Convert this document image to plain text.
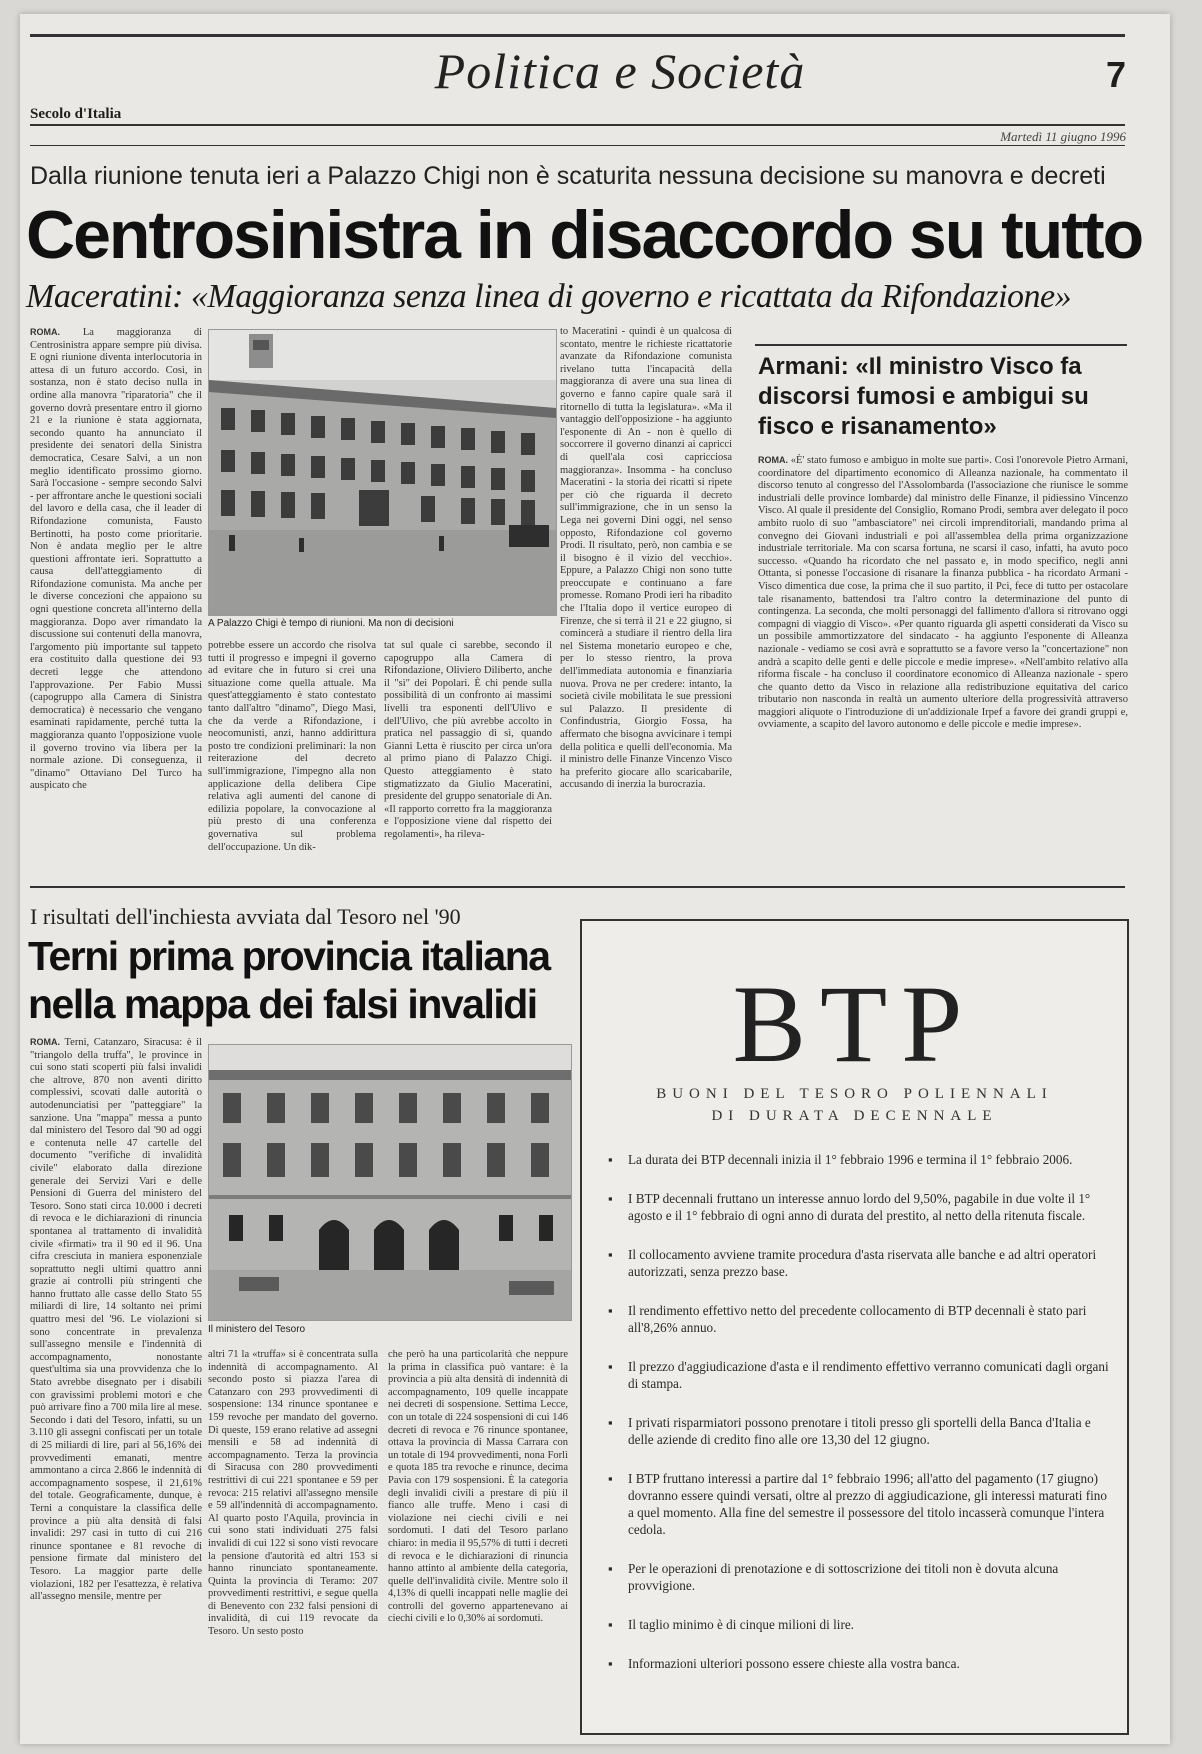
Politica e Società	7
Secolo d'Italia
Martedì 11 giugno 1996
Dalla riunione tenuta ieri a Palazzo Chigi non è scaturita nessuna decisione su manovra e decreti
Centrosinistra in disaccordo su tutto
Maceratini: «Maggioranza senza linea di governo e ricattata da Rifondazione»
ROMA. La maggioranza di Centrosinistra appare sempre più divisa. E ogni riunione diventa interlocutoria in attesa di un futuro accordo. Così, in sostanza, non è stato deciso nulla in ordine alla manovra "riparatoria" che il governo dovrà presentare entro il giorno 21 e la riunione è stata aggiornata, secondo quanto ha annunciato il presidente dei senatori della Sinistra democratica, Cesare Salvi, a un non meglio identificato prossimo giorno. Sarà l'occasione - sempre secondo Salvi - per affrontare anche le questioni sociali del lavoro e della casa, che il leader di Rifondazione comunista, Fausto Bertinotti, ha posto come prioritarie. Non è andata meglio per le altre questioni affrontate ieri. Soprattutto a causa dell'atteggiamento di Rifondazione comunista. Ma anche per le diverse concezioni che appaiono su ogni questione concreta all'interno della maggioranza. Dopo aver rimandato la discussione sui contenuti della manovra, l'argomento più importante sul tappeto era costituito dalla questione dei 93 decreti legge che attendono l'approvazione. Per Fabio Mussi (capogruppo alla Camera di Sinistra democratica) è necessario che vengano esaminati rapidamente, perché tutta la maggioranza quanto l'opposizione vuole il governo trovino via libera per la normale azione. Di conseguenza, il "dinamo" Ottaviano Del Turco ha auspicato che
A Palazzo Chigi è tempo di riunioni. Ma non di decisioni
potrebbe essere un accordo che risolva tutti il progresso e impegni il governo ad evitare che in futuro si crei una situazione come quella attuale. Ma quest'atteggiamento è stato contestato tanto dall'altro "dinamo", Diego Masi, che da verde a Rifondazione, i neocomunisti, anzi, hanno addirittura posto tre condizioni preliminari: la non reiterazione del decreto sull'immigrazione, l'impegno alla non applicazione della delibera Cipe relativa agli aumenti del canone di edilizia popolare, la convocazione al più presto di una conferenza governativa sul problema dell'occupazione. Un dik-
tat sul quale ci sarebbe, secondo il capogruppo alla Camera di Rifondazione, Oliviero Diliberto, anche il "sì" dei Popolari. È chi pende sulla possibilità di un confronto ai massimi livelli tra esponenti dell'Ulivo e dell'Ulivo, che più avrebbe accolto in pratica nel passaggio di sì, quando Gianni Letta è riuscito per circa un'ora al primo piano di Palazzo Chigi. Questo atteggiamento è stato stigmatizzato da Giulio Maceratini, presidente del gruppo senatoriale di An. «Il rapporto corretto fra la maggioranza e l'opposizione viene dal rispetto dei regolamenti», ha rileva-
to Maceratini - quindi è un qualcosa di scontato, mentre le richieste ricattatorie avanzate da Rifondazione comunista rivelano tutta l'incapacità della maggioranza di avere una sua linea di governo e fanno capire quale sarà il ritornello di tutta la legislatura». «Ma il vantaggio dell'opposizione - ha aggiunto l'esponente di An - non è quello di soccorrere il governo dinanzi ai capricci di quell'ala così capricciosa maggioranza». Insomma - ha concluso Maceratini - la storia dei ricatti si ripete per ciò che riguarda il decreto sull'immigrazione, che in un senso la Lega nei governi Dini oggi, nel senso opposto, Rifondazione col governo Prodi. Il risultato, però, non cambia e se il bisogno è il vizio del vecchio». Eppure, a Palazzo Chigi non sono tutte preoccupate e continuano a fare promesse. Romano Prodi ieri ha ribadito che l'Italia dopo il vertice europeo di Firenze, che si terrà il 21 e 22 giugno, si comincerà a studiare il rientro della lira nel Sistema monetario europeo e che, per lo stesso rientro, la prova dell'immediata autonomia e finanziaria nuova. Prova ne per credere: intanto, la società civile mobilitata le sue pressioni sul Palazzo. Il presidente di Confindustria, Giorgio Fossa, ha affermato che bisogna avvicinare i tempi della politica e quelli dell'economia. Ma il ministro delle Finanze Vincenzo Visco ha preferito giocare allo scaricabarile, accusando di inerzia la burocrazia.
Armani: «Il ministro Visco fa discorsi fumosi e ambigui su fisco e risanamento»
ROMA. «È' stato fumoso e ambiguo in molte sue parti». Così l'onorevole Pietro Armani, coordinatore del dipartimento economico di Alleanza nazionale, ha commentato il discorso tenuto al congresso del l'Assolombarda (l'associazione che riunisce le somme industriali delle province lombarde) dal ministro delle Finanze, il pidiessino Vincenzo Visco. Al quale il presidente del Consiglio, Romano Prodi, sembra aver delegato il poco ambito ruolo di suo "ambasciatore" nei circoli imprenditoriali, mandando prima al convegno dei Giovani industriali e poi all'assemblea della prima organizzazione industriale territoriale. Ma con scarsa fortuna, ne scarsi il caso, infatti, ha avuto poco successo. «Quando ha ricordato che nel passato e, in modo specifico, negli anni Ottanta, si ponesse l'occasione di risanare la finanza pubblica - ha ricordato Armani - Visco dimentica due cose, la prima che il suo partito, il Pci, fece di tutto per ostacolare tale risanamento, battendosi tra l'altro contro la determinazione del punto di contingenza. La seconda, che molti personaggi del fallimento d'allora si ritrovano oggi compagni di viaggio di Visco». «Per quanto riguarda gli aspetti considerati da Visco su un possibile ammortizzatore del sindacato - ha aggiunto l'esponente di Alleanza nazionale - vediamo se così avrà e soprattutto se a favore verso la "concertazione" non andrà a scapito delle genti e delle piccole e medie imprese». «Nell'ambito relativo alla riforma fiscale - ha concluso il coordinatore economico di Alleanza nazionale - spero che quanto detto da Visco in relazione alla redistribuzione equitativa del carico tributario non nasconda in realtà un aumento ulteriore della progressività attraverso maggiori aliquote o l'introduzione di un'addizionale Irpef a favore dei grandi gruppi e, ovviamente, a scapito del lavoro autonomo e delle piccole e medie imprese».
I risultati dell'inchiesta avviata dal Tesoro nel '90
Terni prima provincia italiana nella mappa dei falsi invalidi
ROMA. Terni, Catanzaro, Siracusa: è il "triangolo della truffa", le province in cui sono stati scoperti più falsi invalidi che altrove, 870 non aventi diritto complessivi, scovati dalle autorità o autodenunciatisi per "patteggiare" la sanzione. Una "mappa" messa a punto dal ministero del Tesoro dal '90 ad oggi e contenuta nelle 47 cartelle del documento "verifiche di invalidità civile" elaborato dalla direzione generale dei Servizi Vari e delle Pensioni di Guerra del ministero del Tesoro. Sono stati circa 10.000 i decreti di revoca e le dichiarazioni di rinuncia spontanea al trattamento di invalidità civile «firmati» tra il 90 ed il 96. Una cifra cresciuta in maniera esponenziale soprattutto negli ultimi quattro anni grazie ai controlli più stringenti che hanno fruttato alle casse dello Stato 55 miliardi di lire, 14 soltanto nei primi quattro mesi del '96. Le violazioni si sono concentrate in prevalenza sull'assegno mensile e l'indennità di accompagnamento, nonostante quest'ultima sia una provvidenza che lo Stato avrebbe disegnato per i disabili con gravissimi problemi motori e che può arrivare fino a 700 mila lire al mese. Secondo i dati del Tesoro, infatti, su un 3.110 gli assegni confiscati per un totale di 25 miliardi di lire, pari al 56,16% dei provvedimenti emanati, mentre ammontano a circa 2.866 le indennità di accompagnamento sospese, il 21,61% del totale. Geograficamente, dunque, è Terni a conquistare la classifica delle province a più alta densità di falsi invalidi: 297 casi in tutto di cui 216 rinunce spontanee e 81 revoche di pensione firmate dal ministero del Tesoro. La maggior parte delle violazioni, 182 per l'esattezza, è relativa all'assegno mensile, mentre per
Il ministero del Tesoro
altri 71 la «truffa» si è concentrata sulla indennità di accompagnamento. Al secondo posto si piazza l'area di Catanzaro con 293 provvedimenti di sospensione: 134 rinunce spontanee e 159 revoche per mandato del governo. Di queste, 159 erano relative ad assegni mensili e 58 ad indennità di accompagnamento. Terza la provincia di Siracusa con 280 provvedimenti restrittivi di cui 221 spontanee e 59 per revoca: 215 relativi all'assegno mensile e 59 all'indennità di accompagnamento. Al quarto posto l'Aquila, provincia in cui sono stati individuati 275 falsi invalidi di cui 122 si sono visti revocare la pensione d'autorità ed altri 153 si hanno rinunciato spontaneamente. Quinta la provincia di Teramo: 207 provvedimenti restrittivi, e segue quella di Benevento con 232 falsi pensioni di invalidità, di cui 119 revocate da Tesoro. Un sesto posto
che però ha una particolarità che neppure la prima in classifica può vantare: è la provincia a più alta densità di indennità di accompagnamento, 109 quelle incappate nei decreti di sospensione. Settima Lecce, con un totale di 224 sospensioni di cui 146 decreti di revoca e 76 rinunce spontanee, ottava la provincia di Massa Carrara con un totale di 194 provvedimenti, nona Forlì e quota 185 tra revoche e rinunce, decima Pavia con 179 sospensioni. È la categoria degli invalidi civili a prestare di più il fianco alle truffe. Meno i casi di violazione nei ciechi civili e nei sordomuti. I dati del Tesoro parlano chiaro: in media il 95,57% di tutti i decreti di revoca e le dichiarazioni di rinuncia hanno attinto al ambiente della categoria, quelle dell'invalidità civile. Mentre solo il 4,13% di quelli incappati nelle maglie dei controlli del governo appartenevano ai ciechi civili e lo 0,30% ai sordomuti.
BTP
BUONI DEL TESORO POLIENNALI
DI DURATA DECENNALE
▪ La durata dei BTP decennali inizia il 1° febbraio 1996 e termina il 1° febbraio 2006.
▪ I BTP decennali fruttano un interesse annuo lordo del 9,50%, pagabile in due volte il 1° agosto e il 1° febbraio di ogni anno di durata del prestito, al netto della ritenuta fiscale.
▪ Il collocamento avviene tramite procedura d'asta riservata alle banche e ad altri operatori autorizzati, senza prezzo base.
▪ Il rendimento effettivo netto del precedente collocamento di BTP decennali è stato pari all'8,26% annuo.
▪ Il prezzo d'aggiudicazione d'asta e il rendimento effettivo verranno comunicati dagli organi di stampa.
▪ I privati risparmiatori possono prenotare i titoli presso gli sportelli della Banca d'Italia e delle aziende di credito fino alle ore 13,30 del 12 giugno.
▪ I BTP fruttano interessi a partire dal 1° febbraio 1996; all'atto del pagamento (17 giugno) dovranno essere quindi versati, oltre al prezzo di aggiudicazione, gli interessi maturati fino a quel momento. Alla fine del semestre il possessore del titolo incasserà comunque l'intera cedola.
▪ Per le operazioni di prenotazione e di sottoscrizione dei titoli non è dovuta alcuna provvigione.
▪ Il taglio minimo è di cinque milioni di lire.
▪ Informazioni ulteriori possono essere chieste alla vostra banca.
